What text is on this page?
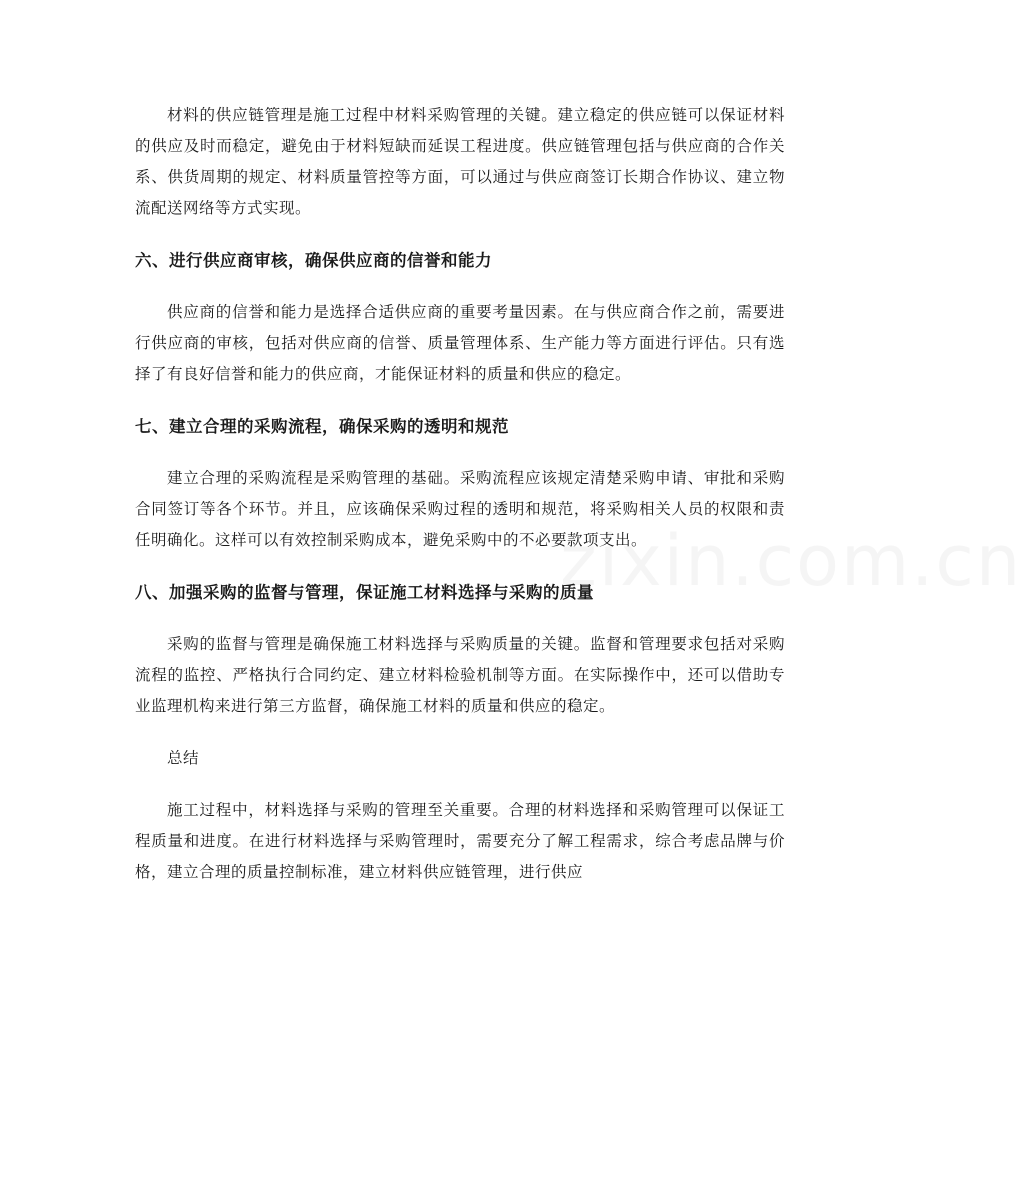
zixin.com.cn

材料的供应链管理是施工过程中材料采购管理的关键。建立稳定的供应链可以保证材料的供应及时而稳定，避免由于材料短缺而延误工程进度。供应链管理包括与供应商的合作关系、供货周期的规定、材料质量管控等方面，可以通过与供应商签订长期合作协议、建立物流配送网络等方式实现。

六、进行供应商审核，确保供应商的信誉和能力

供应商的信誉和能力是选择合适供应商的重要考量因素。在与供应商合作之前，需要进行供应商的审核，包括对供应商的信誉、质量管理体系、生产能力等方面进行评估。只有选择了有良好信誉和能力的供应商，才能保证材料的质量和供应的稳定。

七、建立合理的采购流程，确保采购的透明和规范

建立合理的采购流程是采购管理的基础。采购流程应该规定清楚采购申请、审批和采购合同签订等各个环节。并且，应该确保采购过程的透明和规范，将采购相关人员的权限和责任明确化。这样可以有效控制采购成本，避免采购中的不必要款项支出。

八、加强采购的监督与管理，保证施工材料选择与采购的质量

采购的监督与管理是确保施工材料选择与采购质量的关键。监督和管理要求包括对采购流程的监控、严格执行合同约定、建立材料检验机制等方面。在实际操作中，还可以借助专业监理机构来进行第三方监督，确保施工材料的质量和供应的稳定。

总结

施工过程中，材料选择与采购的管理至关重要。合理的材料选择和采购管理可以保证工程质量和进度。在进行材料选择与采购管理时，需要充分了解工程需求，综合考虑品牌与价格，建立合理的质量控制标准，建立材料供应链管理，进行供应
